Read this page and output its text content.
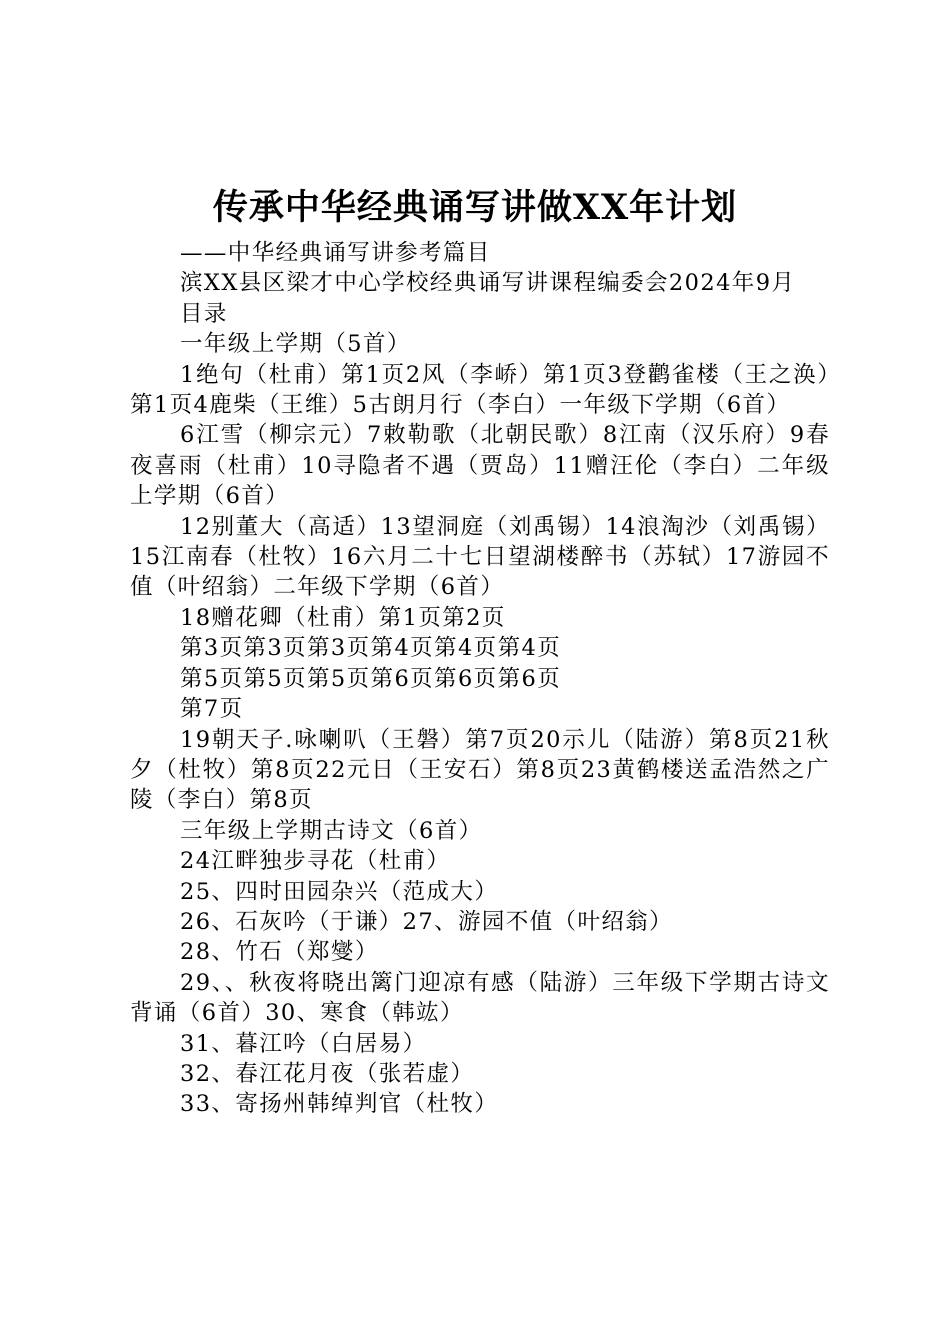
传承中华经典诵写讲做XX年计划

——中华经典诵写讲参考篇目

滨XX县区梁才中心学校经典诵写讲课程编委会2024年9月

目录

一年级上学期（5首）

1绝句（杜甫）第1页2风（李峤）第1页3登鹳雀楼（王之涣）第1页4鹿柴（王维）5古朗月行（李白）一年级下学期（6首）

6江雪（柳宗元）7敕勒歌（北朝民歌）8江南（汉乐府）9春夜喜雨（杜甫）10寻隐者不遇（贾岛）11赠汪伦（李白）二年级上学期（6首）

12别董大（高适）13望洞庭（刘禹锡）14浪淘沙（刘禹锡）15江南春（杜牧）16六月二十七日望湖楼醉书（苏轼）17游园不值（叶绍翁）二年级下学期（6首）

18赠花卿（杜甫）第1页第2页

第3页第3页第3页第4页第4页第4页

第5页第5页第5页第6页第6页第6页

第7页

19朝天子.咏喇叭（王磐）第7页20示儿（陆游）第8页21秋夕（杜牧）第8页22元日（王安石）第8页23黄鹤楼送孟浩然之广陵（李白）第8页

三年级上学期古诗文（6首）

24江畔独步寻花（杜甫）

25、四时田园杂兴（范成大）

26、石灰吟（于谦）27、游园不值（叶绍翁）

28、竹石（郑燮）

29、、秋夜将晓出篱门迎凉有感（陆游）三年级下学期古诗文背诵（6首）30、寒食（韩竑）

31、暮江吟（白居易）

32、春江花月夜（张若虚）

33、寄扬州韩绰判官（杜牧）
